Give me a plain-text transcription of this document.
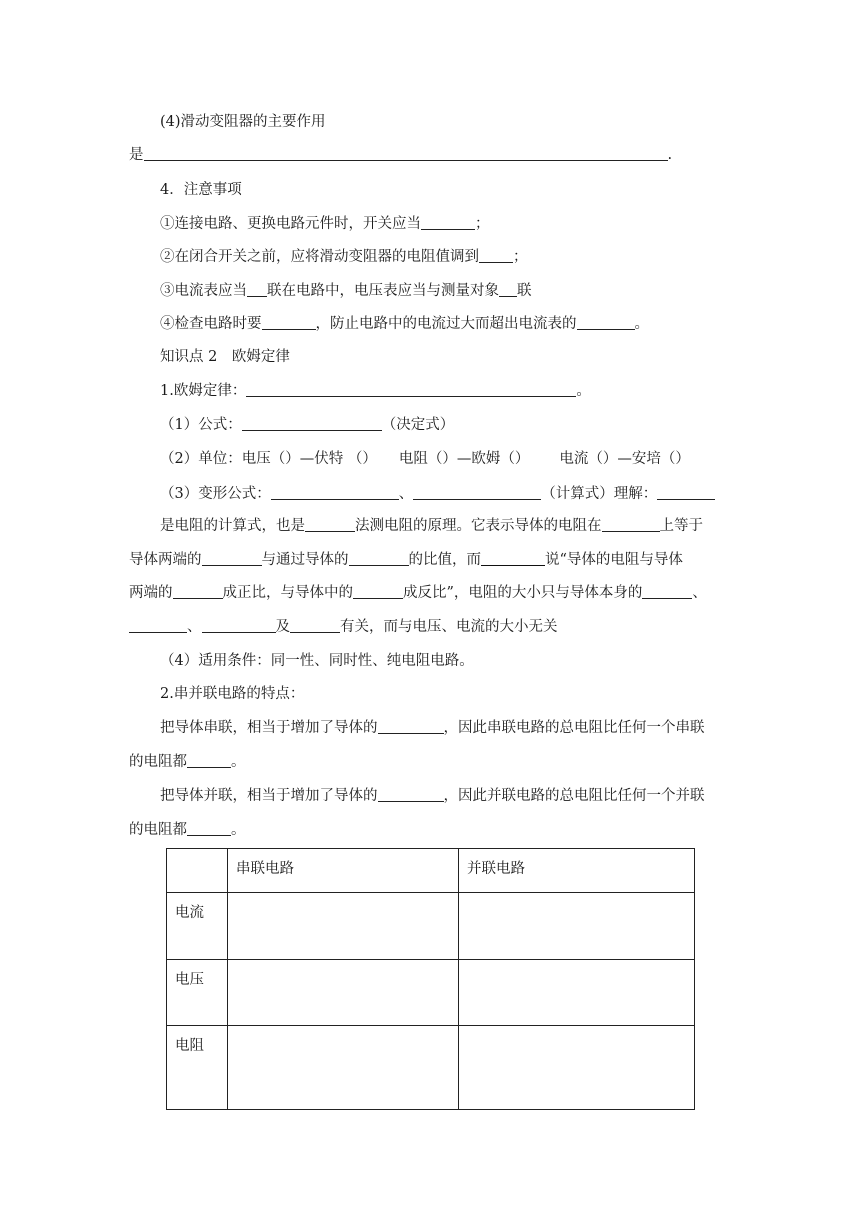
(4)滑动变阻器的主要作用
是	.
4．注意事项
①连接电路、更换电路元件时，开关应当	；
②在闭合开关之前，应将滑动变阻器的电阻值调到 ；
③电流表应当 联在电路中，电压表应当与测量对象 联
④检查电路时要	，防止电路中的电流过大而超出电流表的	。
知识点 2　欧姆定律
1.欧姆定律：	。
（1）公式：	（决定式）
（2）单位：电压（）—伏特 （） 电阻（）—欧姆（） 电流（）—安培（）
（3）变形公式：	、	（计算式）理解：
是电阻的计算式，也是	法测电阻的原理。它表示导体的电阻在	上等于
导体两端的	与通过导体的	的比值，而	说“导体的电阻与导体
两端的	成正比，与导体中的	成反比”，电阻的大小只与导体本身的	、
、	及	有关，而与电压、电流的大小无关
（4）适用条件：同一性、同时性、纯电阻电路。
2.串并联电路的特点：
把导体串联，相当于增加了导体的	，因此串联电路的总电阻比任何一个串联
的电阻都	。
把导体并联，相当于增加了导体的	，因此并联电路的总电阻比任何一个并联
的电阻都	。
	串联电路	并联电路
电流		
电压		
电阻		
